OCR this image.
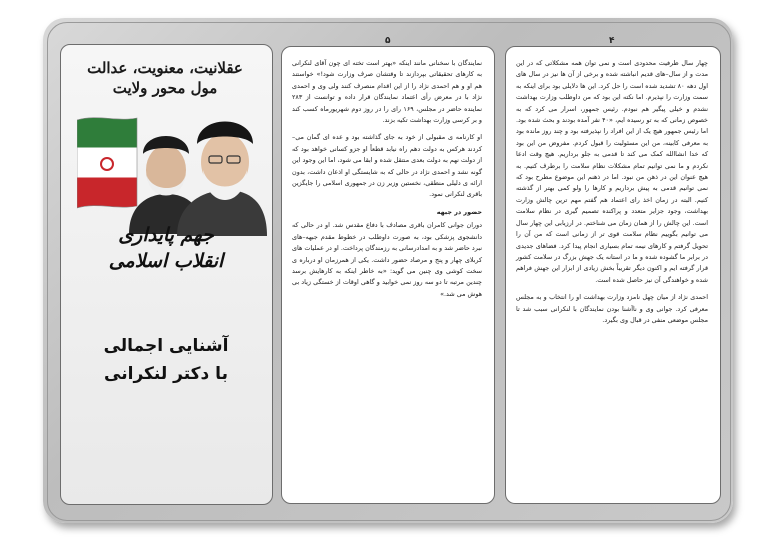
۵	۴
عقلانیت، معنویت، عدالت
مول محور ولایت
جهم پایداری
انقلاب اسلامی
آشنایی اجمالی
با دکتر لنکرانی

نمایندگان با سخنانی مانند اینکه «بهتر است تخته ای چون آقای لنکرانی به کارهای تحقیقاتی بپردازند تا وقتشان صرف وزارت شود!» خواستند هم او و هم احمدی نژاد را از این اقدام منصرف کنند ولی وی و احمدی نژاد با در معرض رأی اعتماد نمایندگان قرار داده و توانست از ۲۸۳ نماینده حاضر در مجلس، ۱۶۹ رای را در روز دوم شهریورماه کسب کند و بر کرسی وزارت بهداشت تکیه بزند.

او کارنامه ی مقبولی از خود به جای گذاشته بود و عده ای گمان می–کردند هرکس به دولت دهم راه نیابد قطعاً او جزو کسانی خواهد بود که از دولت نهم به دولت بعدی منتقل شده و ابقا می شود، اما این وجود این گونه نشد و احمدی نژاد در حالی که به شایستگی او اذعان داشت، بدون ارائه ی دلیلی منطقی، نخستین وزیر زن در جمهوری اسلامی را جایگزین باقری لنکرانی نمود.

حضور در جبهه

دوران جوانی کامران باقری مصادف با دفاع مقدس شد. او در حالی که دانشجوی پزشکی بود، به صورت داوطلب در خطوط مقدم جبهه–های نبرد حاضر شد و به امدادرسانی به رزمندگان پرداخت. او در عملیات های کربلای چهار و پنج و مرصاد حضور داشت. یکی از همرزمان او درباره ی سخت کوشی وی چنین می گوید: «به خاطر اینکه به کارهایش برسد چندین مرتبه تا دو سه روز نمی خوابید و گاهی اوقات از خستگی زیاد بی هوش می شد.»

چهار سال ظرفیت محدودی است و نمی توان همه مشکلاتی که در این مدت و از سال–های قدیم انباشته شده و برخی از آن ها نیز در سال های اول دهه ۸۰ تشدید شده است را حل کرد. این ها دلایلی بود برای اینکه به سمت وزارت را نپذیرم. اما نکته این بود که من داوطلب وزارت بهداشت نشدم و خیلی پیگیر هم نبودم. رئیس جمهور، اسرار می کرد که به خصوص زمانی که به تو رسیده ایم، «۴۰ نفر آمده بودند و بحث شده بود. اما رئیس جمهور هیچ یک از این افراد را نپذیرفته بود و چند روز مانده بود به معرفی کابینه، من این مسئولیت را قبول کردم. مفروض من این بود که خدا انشاالله کمک می کند تا قدمی به جلو برداریم. هیچ وقت ادعا نکردم و ما نمی توانیم تمام مشکلات نظام سلامت را برطرف کنیم. به هیچ عنوان این در ذهن من نبود. اما در ذهنم این موضوع مطرح بود که نمی توانیم قدمی به پیش برداریم و کارها را ولو کمی بهتر از گذشته کنیم. البته در زمان اخذ رای اعتماد هم گفتم مهم ترین چالش وزارت بهداشت، وجود جزایر متعدد و پراکنده تصمیم گیری در نظام سلامت است. این چالش را از همان زمان می شناختم. در ارزیابی این چهار سال می توانیم بگوییم نظام سلامت قوی تر از زمانی است که من آن را تحویل گرفتم و کارهای نیمه تمام بسیاری انجام پیدا کرد. فضاهای جدیدی در برابر ما گشوده شده و ما در استانه یک جهش بزرگ در سلامت کشور قرار گرفته ایم و اکنون دیگر تقریباً بخش زیادی از ابزار این جهش فراهم شده و خواهندگی آن نیز حاصل شده است.

احمدی نژاد از میان چهل نامزد وزارت بهداشت او را انتخاب و به مجلس معرفی کرد. جوانی وی و ناآشنا بودن نمایندگان با لنکرانی سبب شد تا مجلس موضعی منفی در قبال وی بگیرد.
